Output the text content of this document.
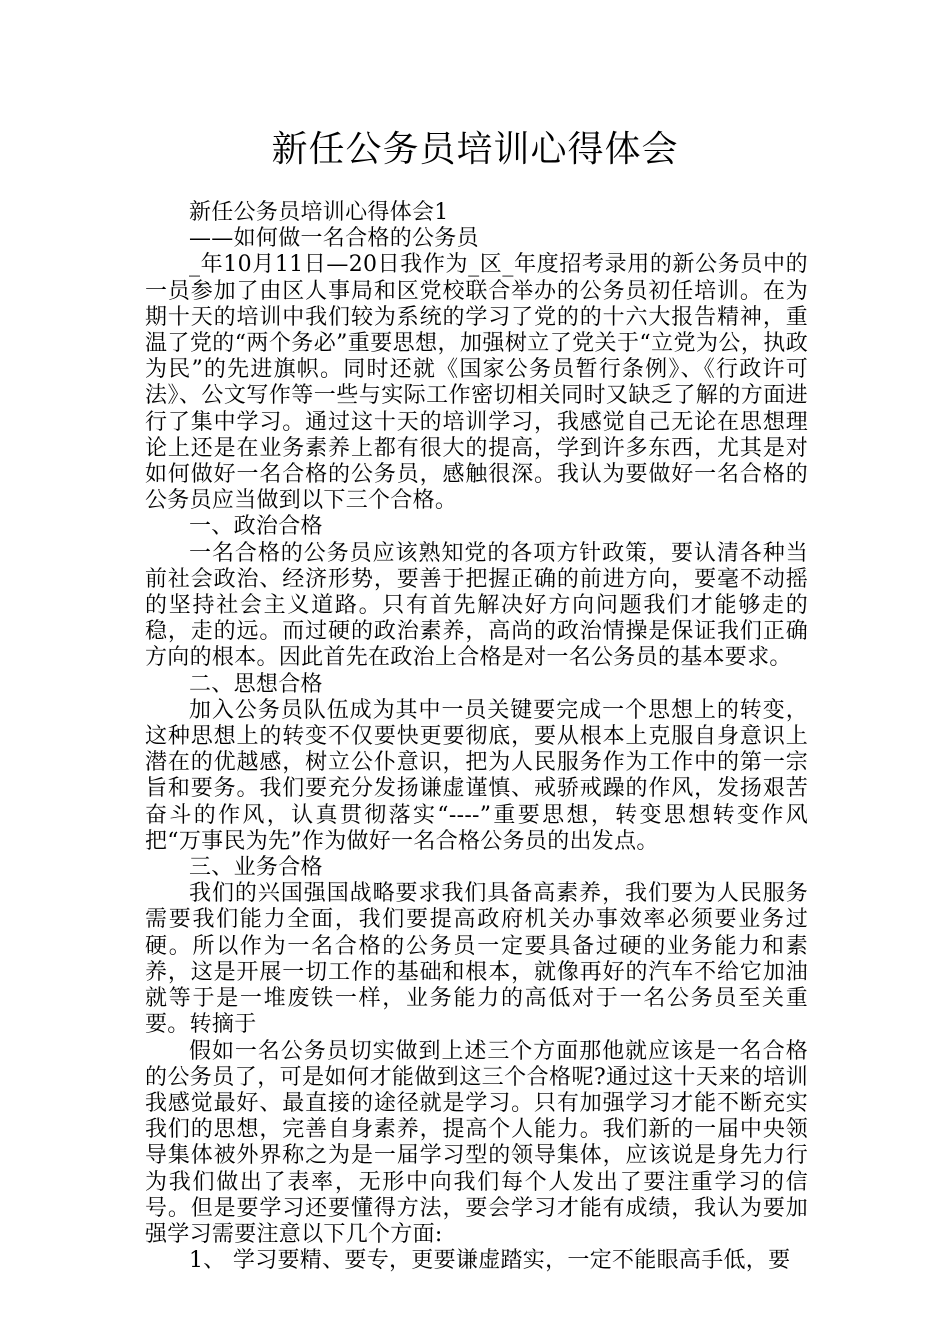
新任公务员培训心得体会

新任公务员培训心得体会1

——如何做一名合格的公务员

_年10月11日—20日我作为_区_年度招考录用的新公务员中的一员参加了由区人事局和区党校联合举办的公务员初任培训。在为期十天的培训中我们较为系统的学习了党的的十六大报告精神，重温了党的“两个务必”重要思想，加强树立了党关于“立党为公，执政为民”的先进旗帜。同时还就《国家公务员暂行条例》、《行政许可法》、公文写作等一些与实际工作密切相关同时又缺乏了解的方面进行了集中学习。通过这十天的培训学习，我感觉自己无论在思想理论上还是在业务素养上都有很大的提高，学到许多东西，尤其是对如何做好一名合格的公务员，感触很深。我认为要做好一名合格的公务员应当做到以下三个合格。

一、政治合格

一名合格的公务员应该熟知党的各项方针政策，要认清各种当前社会政治、经济形势，要善于把握正确的前进方向，要毫不动摇的坚持社会主义道路。只有首先解决好方向问题我们才能够走的稳，走的远。而过硬的政治素养，高尚的政治情操是保证我们正确方向的根本。因此首先在政治上合格是对一名公务员的基本要求。

二、思想合格

加入公务员队伍成为其中一员关键要完成一个思想上的转变，这种思想上的转变不仅要快更要彻底，要从根本上克服自身意识上潜在的优越感，树立公仆意识，把为人民服务作为工作中的第一宗旨和要务。我们要充分发扬谦虚谨慎、戒骄戒躁的作风，发扬艰苦奋斗的作风，认真贯彻落实“----”重要思想，转变思想转变作风把“万事民为先”作为做好一名合格公务员的出发点。

三、业务合格

我们的兴国强国战略要求我们具备高素养，我们要为人民服务需要我们能力全面，我们要提高政府机关办事效率必须要业务过硬。所以作为一名合格的公务员一定要具备过硬的业务能力和素养，这是开展一切工作的基础和根本，就像再好的汽车不给它加油就等于是一堆废铁一样，业务能力的高低对于一名公务员至关重要。转摘于

假如一名公务员切实做到上述三个方面那他就应该是一名合格的公务员了，可是如何才能做到这三个合格呢?通过这十天来的培训我感觉最好、最直接的途径就是学习。只有加强学习才能不断充实我们的思想，完善自身素养，提高个人能力。我们新的一届中央领导集体被外界称之为是一届学习型的领导集体，应该说是身先力行为我们做出了表率，无形中向我们每个人发出了要注重学习的信号。但是要学习还要懂得方法，要会学习才能有成绩，我认为要加强学习需要注意以下几个方面:

1、 学习要精、要专，更要谦虚踏实，一定不能眼高手低，要
